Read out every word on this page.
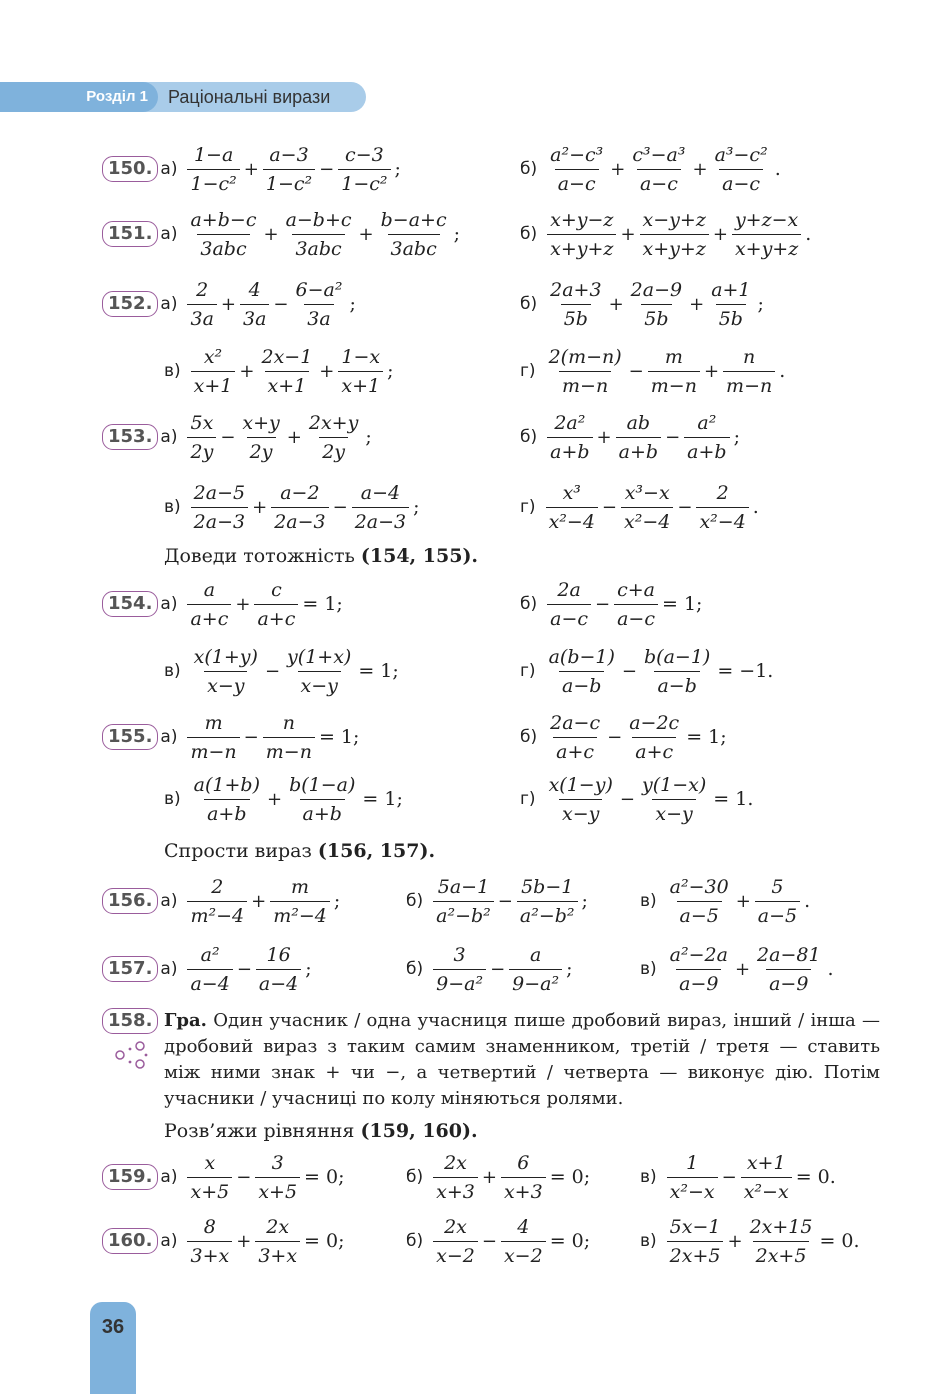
Розділ 1	Раціональні вирази
150. $а) \frac{1-a}{\text{1−c²}} + \frac{a-3}{\text{1−c²}} - \frac{c-3}{\text{1−c²}}$ ;	$б) \frac{\text{a²−c³}}{a-c} + \frac{\text{c³−a³}}{a-c} + \frac{\text{a³−c²}}{a-c}$ .
151. $а) \frac{a+b-c}{\text{3abc}} + \frac{a-b+c}{\text{3abc}} + \frac{b-a+c}{\text{3abc}}$ ;	$б) \frac{x+y-z}{x+y+z} + \frac{x-y+z}{x+y+z} + \frac{y+z-x}{x+y+z}$ .
152. $а) \frac{2}{3a} + \frac{4}{3a} - \frac{\text{6−a²}}{3a}$ ;	$б) \frac{2a+3}{5b} + \frac{2a-9}{5b} + \frac{a+1}{5b}$ ;
$в) \frac{\text{x²}}{x+1} + \frac{2x-1}{x+1} + \frac{1-x}{x+1}$ ;	$г) \frac{2(m-n)}{m-n} - \frac{m}{m-n} + \frac{n}{m-n}$ .
153. $а) \frac{5x}{2y} - \frac{x+y}{2y} + \frac{2x+y}{2y}$ ;	$б) \frac{\text{2a²}}{a+b} + \frac{ab}{a+b} - \frac{\text{a²}}{a+b}$ ;
$в) \frac{2a-5}{2a-3} + \frac{a-2}{2a-3} - \frac{a-4}{2a-3}$ ;	$г) \frac{\text{x³}}{\text{x²−4}} - \frac{\text{x³−x}}{\text{x²−4}} - \frac{2}{\text{x²−4}}$ .
154. $а) \frac{a}{a+c} + \frac{c}{a+c} = 1$;	$б) \frac{2a}{a-c} - \frac{c+a}{a-c} = 1$;
$в) \frac{x(1+y)}{x-y} - \frac{y(1+x)}{x-y} = 1$;	$г) \frac{a(b-1)}{a-b} - \frac{b(a-1)}{a-b} = -1$.
155. $а) \frac{m}{m-n} - \frac{n}{m-n} = 1$;	$б) \frac{2a-c}{a+c} - \frac{a-2c}{a+c} = 1$;
$в) \frac{a(1+b)}{a+b} + \frac{b(1-a)}{a+b} = 1$;	$г) \frac{x(1-y)}{x-y} - \frac{y(1-x)}{x-y} = 1$.
156. $а) \frac{2}{\text{m²−4}} + \frac{m}{\text{m²−4}}$ ;	$б) \frac{5a-1}{\text{a²−b²}} - \frac{5b-1}{\text{a²−b²}}$ ;	$в) \frac{\text{a²−30}}{a-5} + \frac{5}{a-5}$ .
157. $а) \frac{\text{a²}}{a-4} - \frac{16}{a-4}$ ;	$б) \frac{3}{\text{9−a²}} - \frac{a}{\text{9−a²}}$ ;	$в) \frac{\text{a²−2a}}{a-9} + \frac{2a-81}{a-9}$ .
159. $а) \frac{x}{x+5} - \frac{3}{x+5} = 0$;	$б) \frac{2x}{x+3} + \frac{6}{x+3} = 0$;	$в) \frac{1}{\text{x²−x}} - \frac{x+1}{\text{x²−x}} = 0$.
160. $а) \frac{8}{3+x} + \frac{2x}{3+x} = 0$;	$б) \frac{2x}{x-2} - \frac{4}{x-2} = 0$;	$в) \frac{5x-1}{2x+5} + \frac{2x+15}{2x+5} = 0$.
Доведи тотожність (154, 155).
Спрости вираз (156, 157).
Розв’яжи рівняння (159, 160).
158. Гра. Один учасник / одна учасниця пише дробовий вираз, інший / інша — дробовий вираз з таким самим знаменником, третій / третя — ставить між ними знак + чи −, а четвертий / четверта — виконує дію. Потім учасники / учасниці по колу міняються ролями.
36
